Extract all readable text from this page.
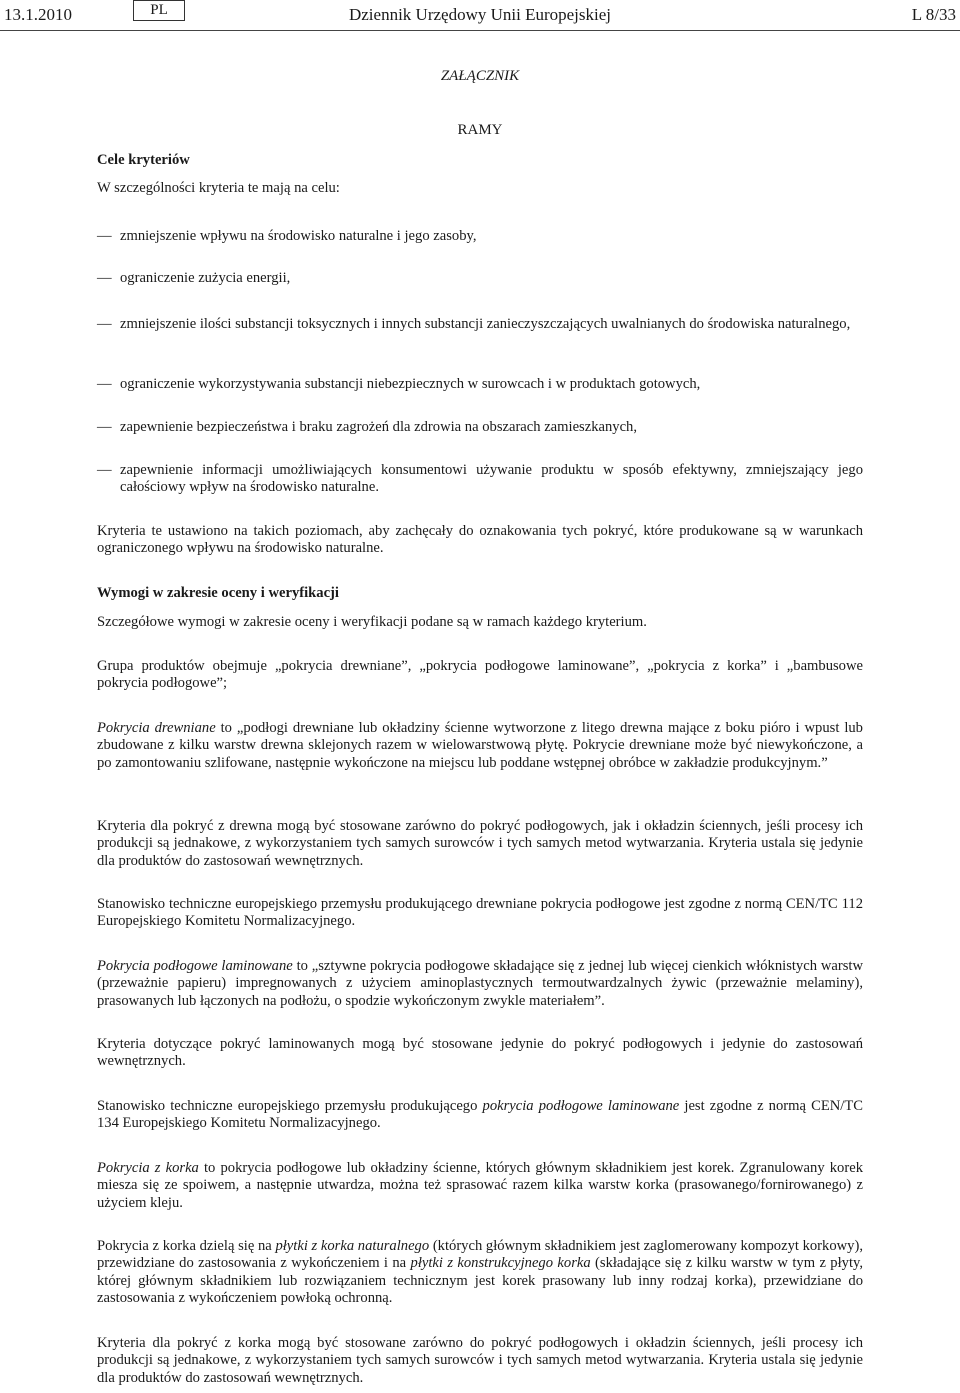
13.1.2010	PL	Dziennik Urzędowy Unii Europejskiej	L 8/33
ZAŁĄCZNIK
RAMY
Cele kryteriów
W szczególności kryteria te mają na celu:
— zmniejszenie wpływu na środowisko naturalne i jego zasoby,
— ograniczenie zużycia energii,
— zmniejszenie ilości substancji toksycznych i innych substancji zanieczyszczających uwalnianych do środowiska naturalnego,
— ograniczenie wykorzystywania substancji niebezpiecznych w surowcach i w produktach gotowych,
— zapewnienie bezpieczeństwa i braku zagrożeń dla zdrowia na obszarach zamieszkanych,
— zapewnienie informacji umożliwiających konsumentowi używanie produktu w sposób efektywny, zmniejszający jego całościowy wpływ na środowisko naturalne.
Kryteria te ustawiono na takich poziomach, aby zachęcały do oznakowania tych pokryć, które produkowane są w warunkach ograniczonego wpływu na środowisko naturalne.
Wymogi w zakresie oceny i weryfikacji
Szczegółowe wymogi w zakresie oceny i weryfikacji podane są w ramach każdego kryterium.
Grupa produktów obejmuje „pokrycia drewniane”, „pokrycia podłogowe laminowane”, „pokrycia z korka” i „bambusowe pokrycia podłogowe”;
Pokrycia drewniane to „podłogi drewniane lub okładziny ścienne wytworzone z litego drewna mające z boku pióro i wpust lub zbudowane z kilku warstw drewna sklejonych razem w wielowarstwową płytę. Pokrycie drewniane może być niewykończone, a po zamontowaniu szlifowane, następnie wykończone na miejscu lub poddane wstępnej obróbce w zakładzie produkcyjnym.”
Kryteria dla pokryć z drewna mogą być stosowane zarówno do pokryć podłogowych, jak i okładzin ściennych, jeśli procesy ich produkcji są jednakowe, z wykorzystaniem tych samych surowców i tych samych metod wytwarzania. Kryteria ustala się jedynie dla produktów do zastosowań wewnętrznych.
Stanowisko techniczne europejskiego przemysłu produkującego drewniane pokrycia podłogowe jest zgodne z normą CEN/TC 112 Europejskiego Komitetu Normalizacyjnego.
Pokrycia podłogowe laminowane to „sztywne pokrycia podłogowe składające się z jednej lub więcej cienkich włóknistych warstw (przeważnie papieru) impregnowanych z użyciem aminoplastycznych termoutwardzalnych żywic (przeważnie melaminy), prasowanych lub łączonych na podłożu, o spodzie wykończonym zwykle materiałem”.
Kryteria dotyczące pokryć laminowanych mogą być stosowane jedynie do pokryć podłogowych i jedynie do zastosowań wewnętrznych.
Stanowisko techniczne europejskiego przemysłu produkującego pokrycia podłogowe laminowane jest zgodne z normą CEN/TC 134 Europejskiego Komitetu Normalizacyjnego.
Pokrycia z korka to pokrycia podłogowe lub okładziny ścienne, których głównym składnikiem jest korek. Zgranulowany korek miesza się ze spoiwem, a następnie utwardza, można też sprasować razem kilka warstw korka (prasowanego/fornirowanego) z użyciem kleju.
Pokrycia z korka dzielą się na płytki z korka naturalnego (których głównym składnikiem jest zaglomerowany kompozyt korkowy), przewidziane do zastosowania z wykończeniem i na płytki z konstrukcyjnego korka (składające się z kilku warstw w tym z płyty, której głównym składnikiem lub rozwiązaniem technicznym jest korek prasowany lub inny rodzaj korka), przewidziane do zastosowania z wykończeniem powłoką ochronną.
Kryteria dla pokryć z korka mogą być stosowane zarówno do pokryć podłogowych i okładzin ściennych, jeśli procesy ich produkcji są jednakowe, z wykorzystaniem tych samych surowców i tych samych metod wytwarzania. Kryteria ustala się jedynie dla produktów do zastosowań wewnętrznych.
